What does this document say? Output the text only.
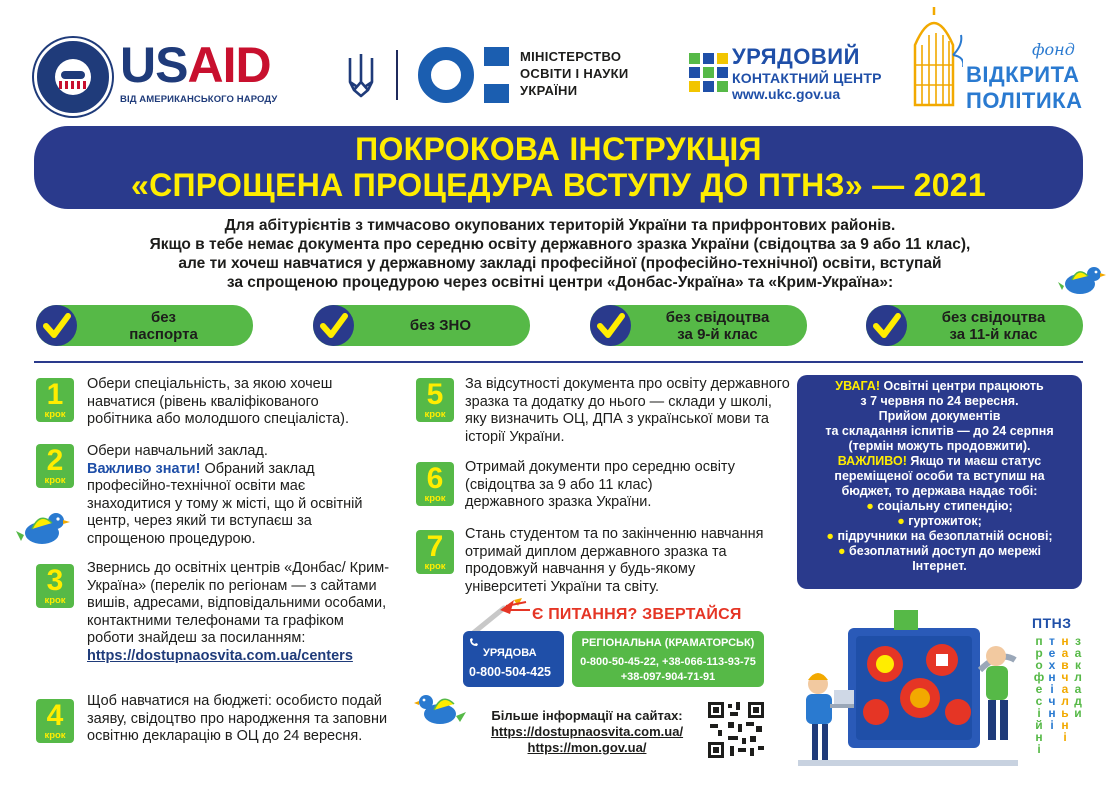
USAID
ВІД АМЕРИКАНСЬКОГО НАРОДУ
МІНІСТЕРСТВО
ОСВІТИ І НАУКИ
УКРАЇНИ
УРЯДОВИЙ
КОНТАКТНИЙ ЦЕНТР
www.ukc.gov.ua
фонд
ВІДКРИТА
ПОЛІТИКА
ПОКРОКОВА ІНСТРУКЦІЯ
«СПРОЩЕНА ПРОЦЕДУРА ВСТУПУ ДО ПТНЗ» — 2021
Для абітурієнтів з тимчасово окупованих територій України та прифронтових районів.
Якщо в тебе немає документа про середню освіту державного зразка України (свідоцтва за 9 або 11 клас),
але ти хочеш навчатися у державному закладі професійної (професійно-технічної) освіти, вступай
за спрощеною процедурою через освітні центри «Донбас-Україна» та «Крим-Україна»:
без
паспорта	без ЗНО	без свідоцтва
за 9-й клас
без свідоцтва
за 11-й клас
1
крок
Обери спеціальність, за якою хочеш навчатися (рівень кваліфікованого робітника або молодшого спеціаліста).
2
крок
Обери навчальний заклад.
Важливо знати! Обраний заклад професійно-технічної освіти має знаходитися у тому ж місті, що й освітній центр, через який ти вступаєш за спрощеною процедурою.
3
крок
Звернись до освітніх центрів «Донбас/ Крим-Україна» (перелік по регіонам — з сайтами вишів, адресами, відповідальними особами, контактними телефонами та графіком роботи знайдеш за посиланням:
https://dostupnaosvita.com.ua/centers
4
крок
Щоб навчатися на бюджеті: особисто подай заяву, свідоцтво про народження та заповни освітню декларацію в ОЦ до 24 вересня.
5
крок
За відсутності документа про освіту державного зразка та додатку до нього — склади у школі, яку визначить ОЦ, ДПА з української мови та історії України.
6
крок
Отримай документи про середню освіту (свідоцтва за 9 або 11 клас) державного зразка України.
7
крок
Стань студентом та по закінченню навчання отримай диплом державного зразка та продовжуй навчання у будь-якому університеті України та світу.
УВАГА! Освітні центри працюють
з 7 червня по 24 вересня.
Прийом документів
та складання іспитів — до 24 серпня
(термін можуть продовжити).
ВАЖЛИВО! Якщо ти маєш статус
переміщеної особи та вступиш на
бюджет, то держава надає тобі:
● соціальну стипендію;
● гуртожиток;
● підручники на безоплатній основі;
● безоплатний доступ до мережі
Інтернет.
Є ПИТАННЯ? ЗВЕРТАЙСЯ
УРЯДОВА
0-800-504-425
РЕГІОНАЛЬНА (КРАМАТОРСЬК)
0-800-50-45-22, +38-066-113-93-75
+38-097-904-71-91
Більше інформації на сайтах:
https://dostupnaosvita.com.ua/
https://mon.gov.ua/
ПТНЗ
п
р
о
ф
е
с
і
й
н
і
т
е
х
н
і
ч
н
і
н
а
в
ч
а
л
ь
н
і
з
а
к
л
а
д
и
